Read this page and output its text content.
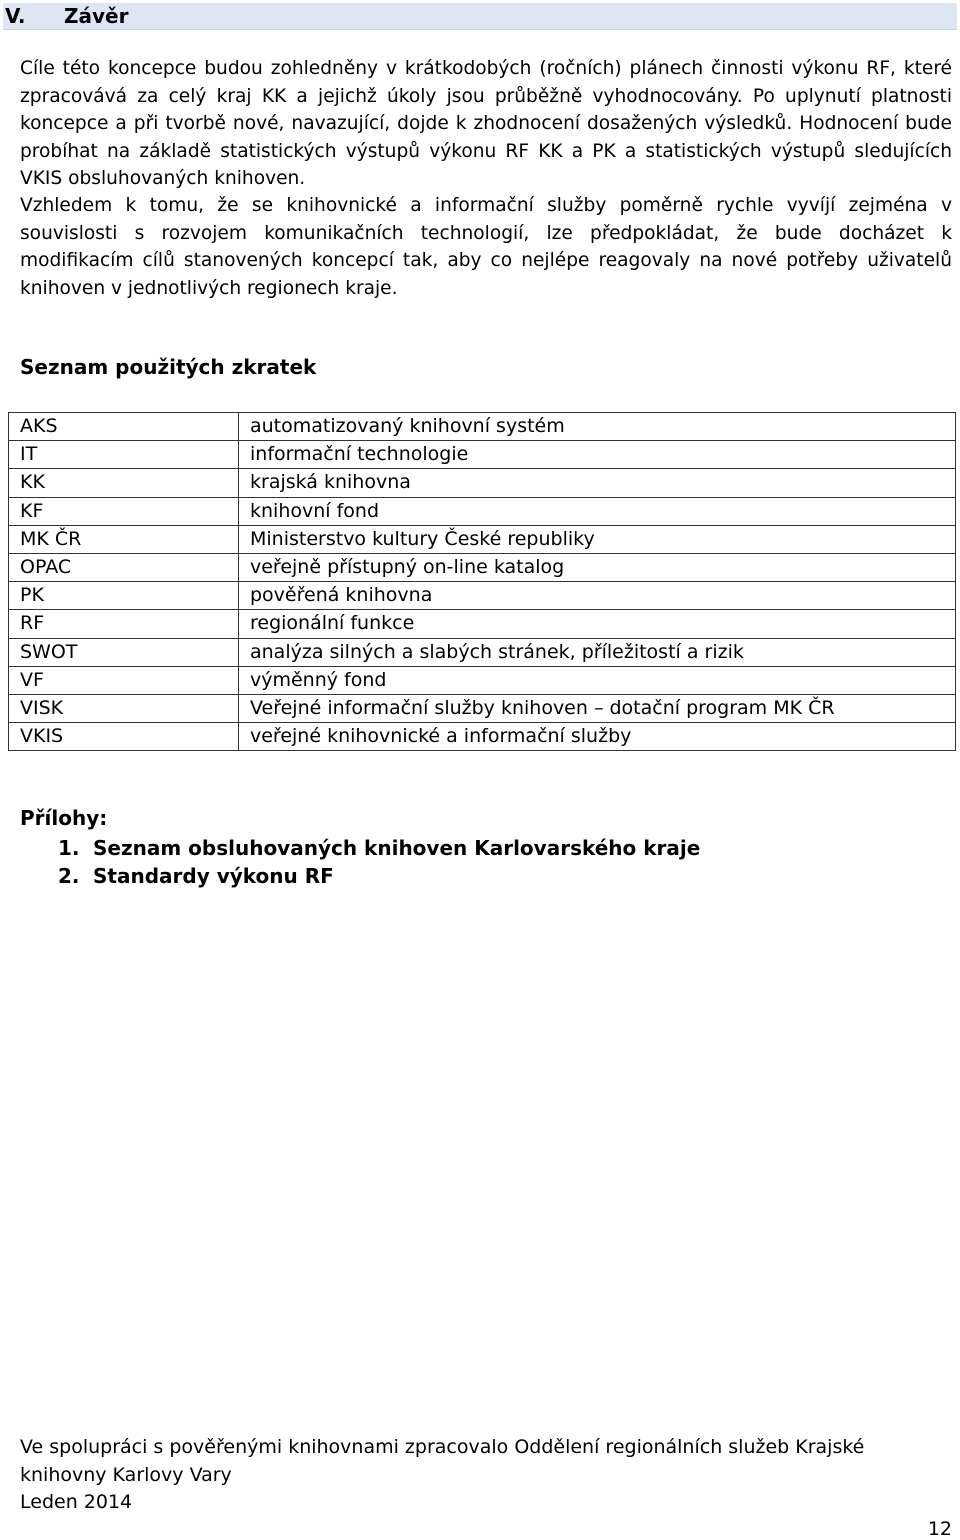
V. Závěr

Cíle této koncepce budou zohledněny v krátkodobých (ročních) plánech činnosti výkonu RF, které zpracovává za celý kraj KK a jejichž úkoly jsou průběžně vyhodnocovány. Po uplynutí platnosti koncepce a při tvorbě nové, navazující, dojde k zhodnocení dosažených výsledků. Hodnocení bude probíhat na základě statistických výstupů výkonu RF KK a PK a statistických výstupů sledujících VKIS obsluhovaných knihoven.

Vzhledem k tomu, že se knihovnické a informační služby poměrně rychle vyvíjí zejména v souvislosti s rozvojem komunikačních technologií, lze předpokládat, že bude docházet k modifikacím cílů stanovených koncepcí tak, aby co nejlépe reagovaly na nové potřeby uživatelů knihoven v jednotlivých regionech kraje.

Seznam použitých zkratek
AKS	automatizovaný knihovní systém
IT	informační technologie
KK	krajská knihovna
KF	knihovní fond
MK ČR	Ministerstvo kultury České republiky
OPAC	veřejně přístupný on-line katalog
PK	pověřená knihovna
RF	regionální funkce
SWOT	analýza silných a slabých stránek, příležitostí a rizik
VF	výměnný fond
VISK	Veřejné informační služby knihoven – dotační program MK ČR
VKIS	veřejné knihovnické a informační služby
Přílohy:
1. Seznam obsluhovaných knihoven Karlovarského kraje
2. Standardy výkonu RF
Ve spolupráci s pověřenými knihovnami zpracovalo Oddělení regionálních služeb Krajské knihovny Karlovy Vary
Leden 2014
12
